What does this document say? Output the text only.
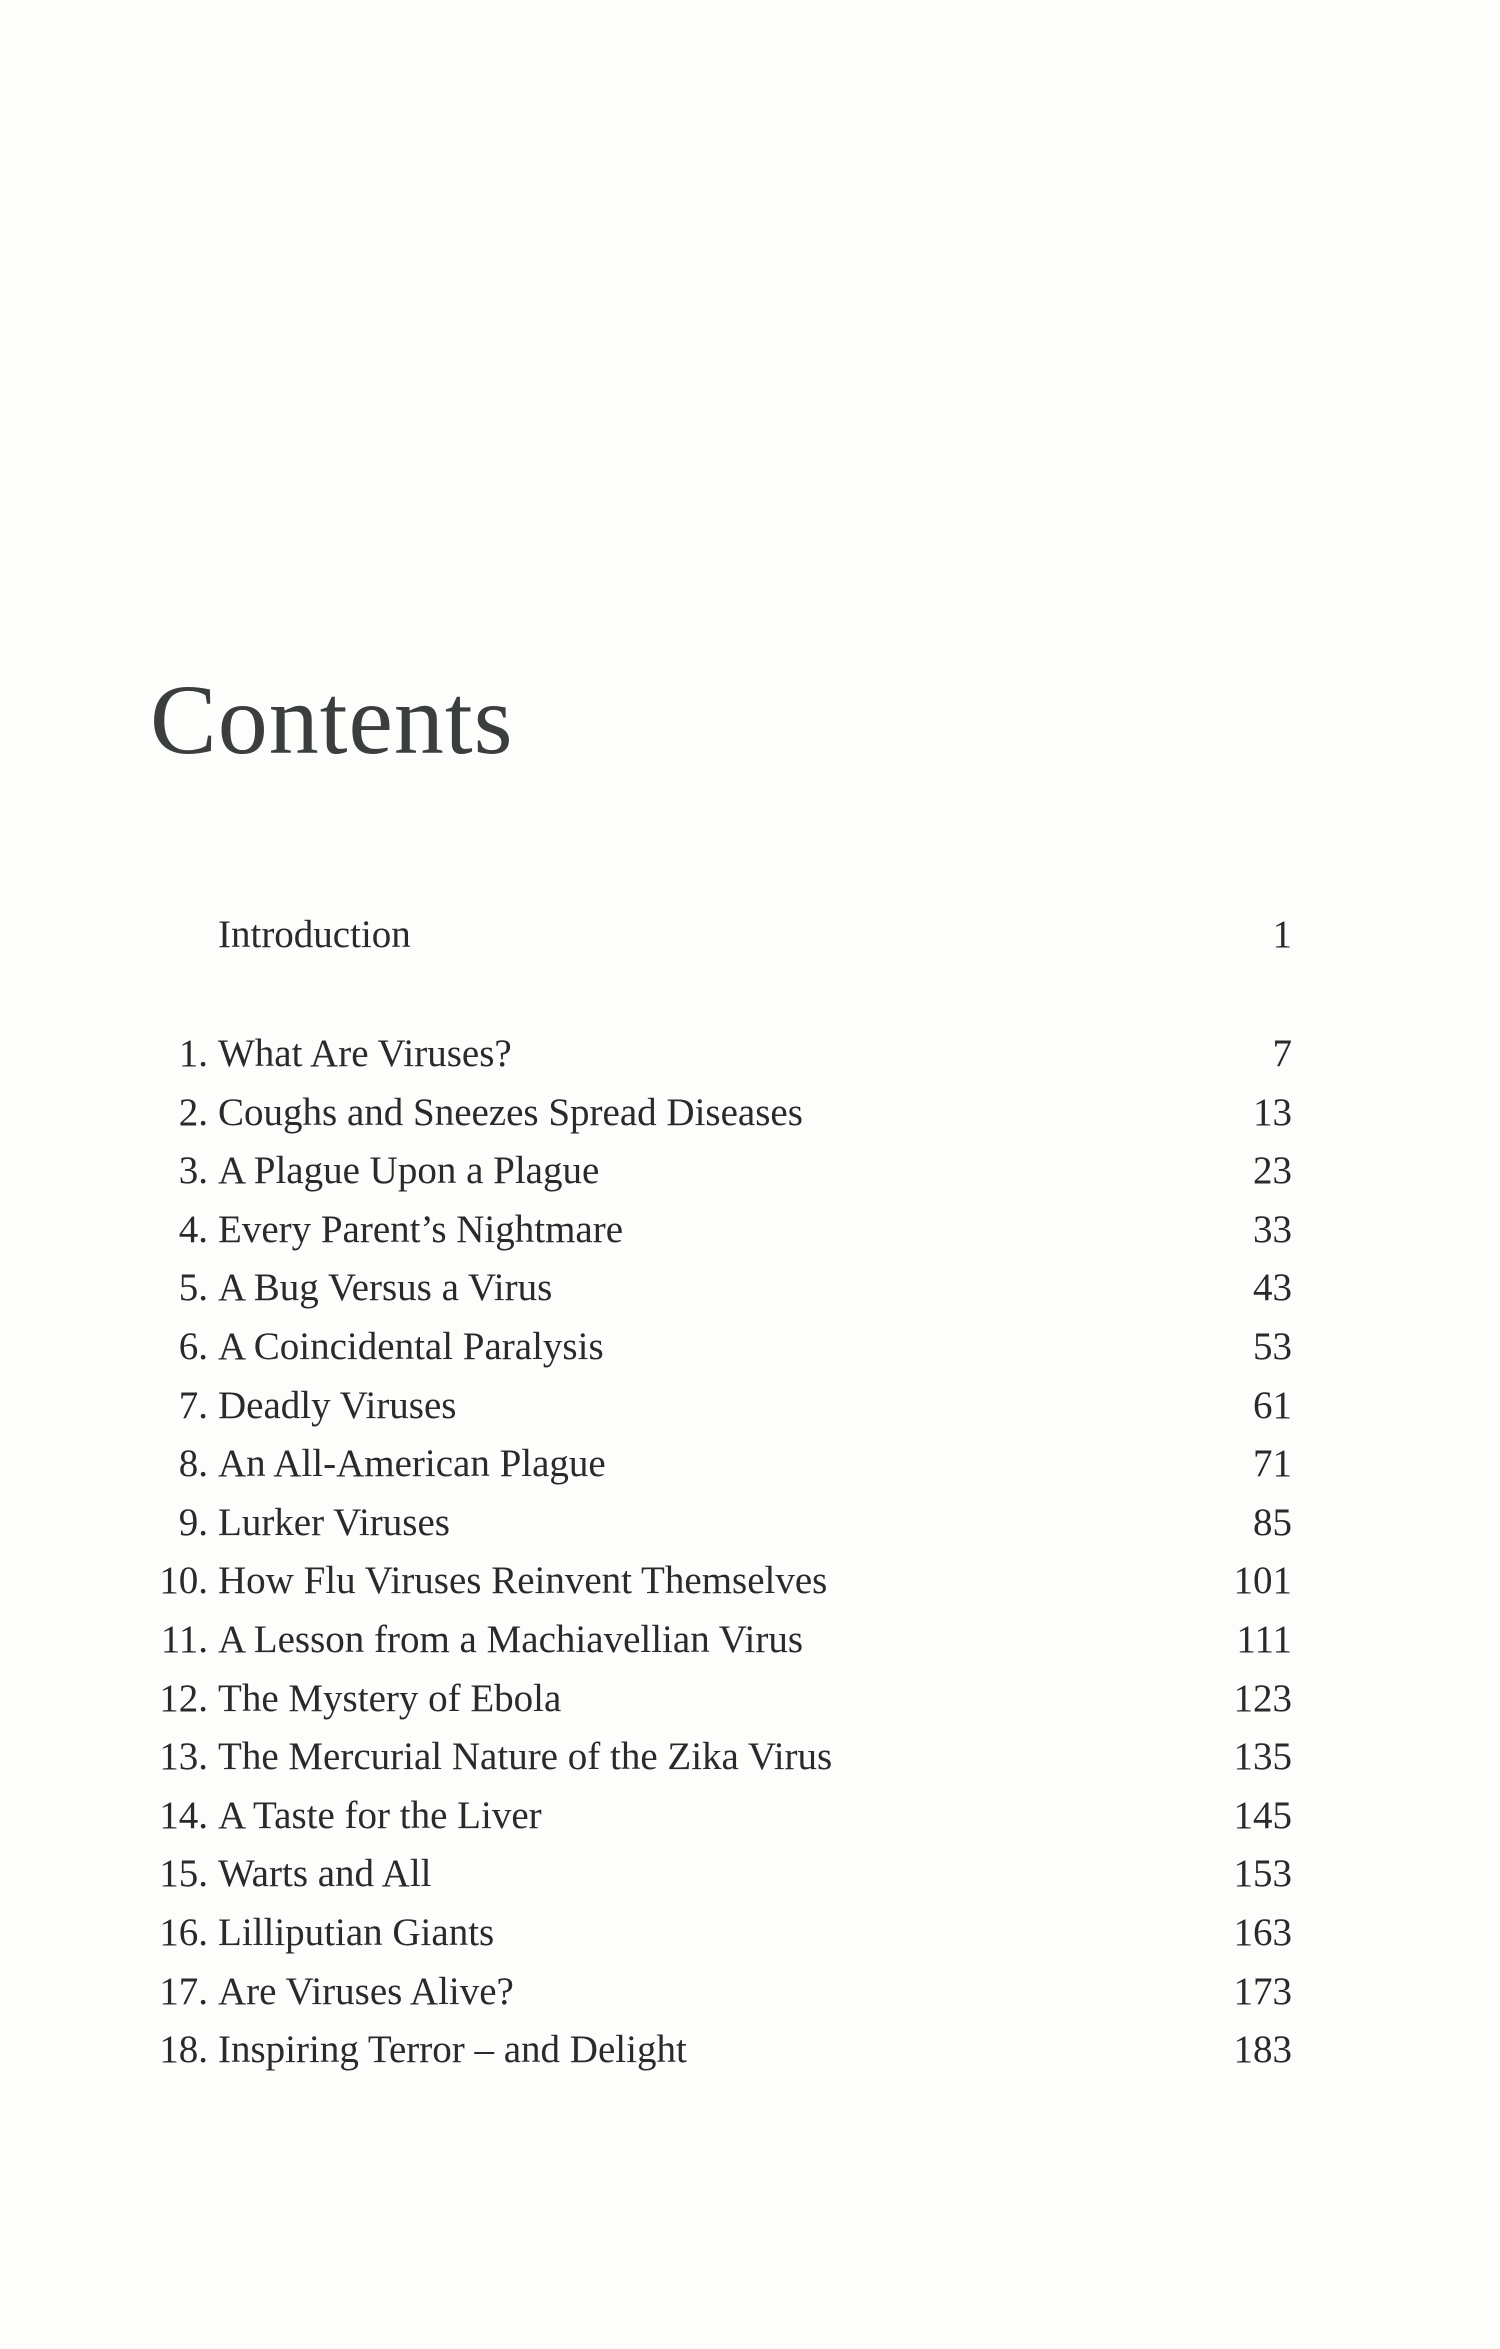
Contents
Introduction	1
1. What Are Viruses?	7
2. Coughs and Sneezes Spread Diseases	13
3. A Plague Upon a Plague	23
4. Every Parent’s Nightmare	33
5. A Bug Versus a Virus	43
6. A Coincidental Paralysis	53
7. Deadly Viruses	61
8. An All-American Plague	71
9. Lurker Viruses	85
10. How Flu Viruses Reinvent Themselves	101
11. A Lesson from a Machiavellian Virus	111
12. The Mystery of Ebola	123
13. The Mercurial Nature of the Zika Virus	135
14. A Taste for the Liver	145
15. Warts and All	153
16. Lilliputian Giants	163
17. Are Viruses Alive?	173
18. Inspiring Terror – and Delight	183
